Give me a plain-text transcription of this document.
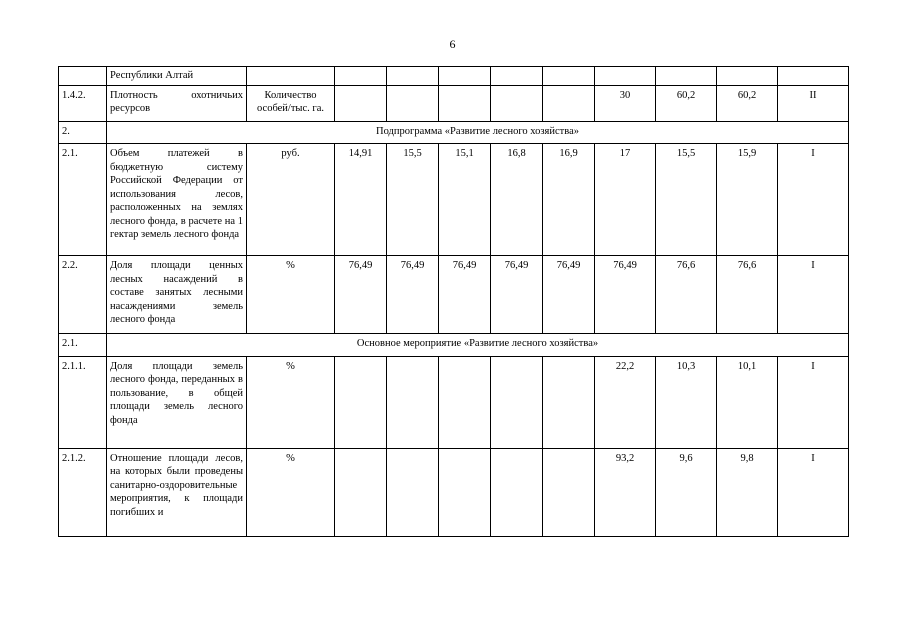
6
	Республики Алтай										
1.4.2.	Плотность охотничьих ресурсов	Количество особей/тыс. га.						30	60,2	60,2	II
2.	Подпрограмма «Развитие лесного хозяйства»										
2.1.	Объем платежей в бюджетную систему Российской Федерации от использования лесов, расположенных на землях лесного фонда, в расчете на 1 гектар земель лесного фонда	руб.	14,91	15,5	15,1	16,8	16,9	17	15,5	15,9	I
2.2.	Доля площади ценных лесных насаждений в составе занятых лесными насаждениями земель лесного фонда	%	76,49	76,49	76,49	76,49	76,49	76,49	76,6	76,6	I
2.1.	Основное мероприятие «Развитие лесного хозяйства»										
2.1.1.	Доля площади земель лесного фонда, переданных в пользование, в общей площади земель лесного фонда	%						22,2	10,3	10,1	I
2.1.2.	Отношение площади лесов, на которых были проведены санитарно-оздоровительные мероприятия, к площади погибших и	%						93,2	9,6	9,8	I
